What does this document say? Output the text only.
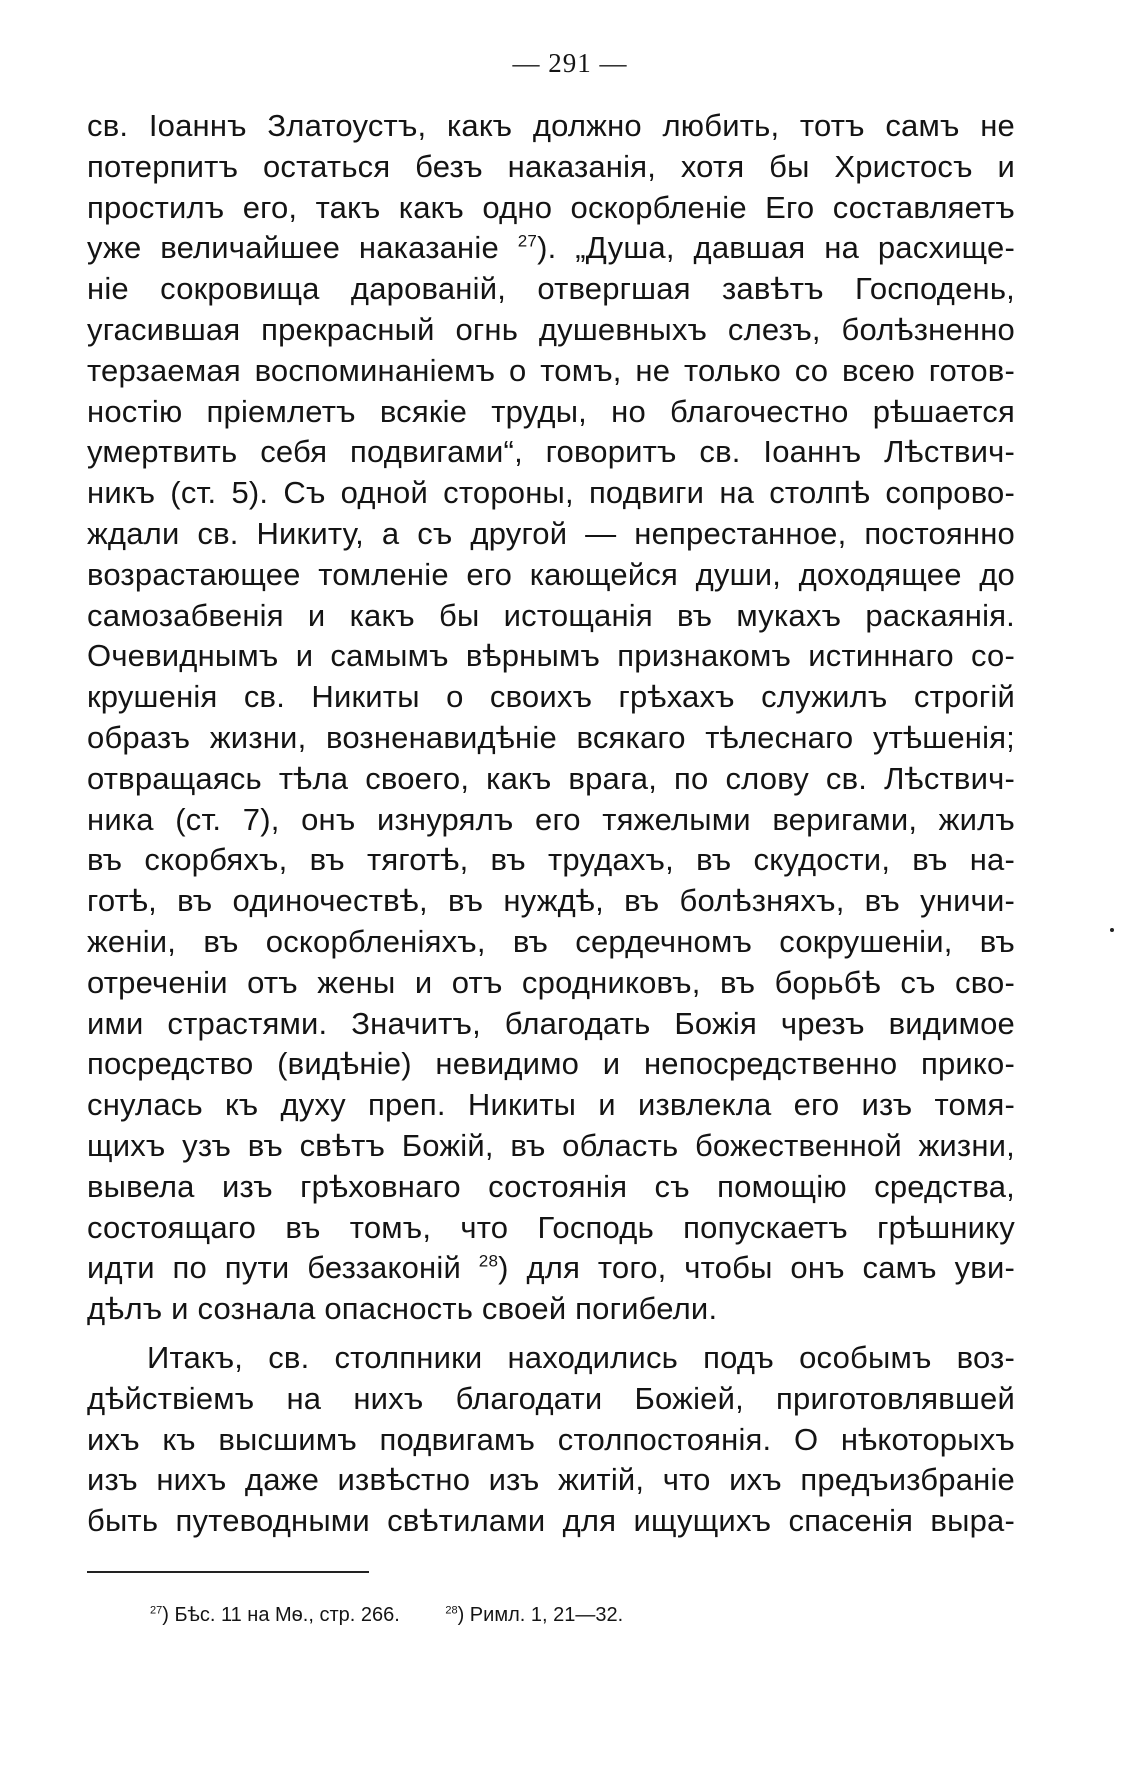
— 291 —
св. Іоаннъ Златоустъ, какъ должно любить, тотъ самъ не
потерпитъ остаться безъ наказанія, хотя бы Христосъ и
простилъ его, такъ какъ одно оскорбленіе Его составляетъ
уже величайшее наказаніе $^{27}$). „Душа, давшая на расхище-
ніе сокровища дарованій, отвергшая завѣтъ Господень,
угасившая прекрасный огнь душевныхъ слезъ, болѣзненно
терзаемая воспоминаніемъ о томъ, не только со всею готов-
ностію пріемлетъ всякіе труды, но благочестно рѣшается
умертвить себя подвигами“, говоритъ св. Іоаннъ Лѣствич-
никъ (ст. 5). Съ одной стороны, подвиги на столпѣ сопрово-
ждали св. Никиту, а съ другой — непрестанное, постоянно
возрастающее томленіе его кающейся души, доходящее до
самозабвенія и какъ бы истощанія въ мукахъ раскаянія.
Очевиднымъ и самымъ вѣрнымъ признакомъ истиннаго со-
крушенія св. Никиты о своихъ грѣхахъ служилъ строгій
образъ жизни, возненавидѣніе всякаго тѣлеснаго утѣшенія;
отвращаясь тѣла своего, какъ врага, по слову св. Лѣствич-
ника (ст. 7), онъ изнурялъ его тяжелыми веригами, жилъ
въ скорбяхъ, въ тяготѣ, въ трудахъ, въ скудости, въ на-
готѣ, въ одиночествѣ, въ нуждѣ, въ болѣзняхъ, въ уничи-
женіи, въ оскорбленіяхъ, въ сердечномъ сокрушеніи, въ
отреченіи отъ жены и отъ сродниковъ, въ борьбѣ съ сво-
ими страстями. Значитъ, благодать Божія чрезъ видимое
посредство (видѣніе) невидимо и непосредственно прико-
снулась къ духу преп. Никиты и извлекла его изъ томя-
щихъ узъ въ свѣтъ Божій, въ область божественной жизни,
вывела изъ грѣховнаго состоянія съ помощію средства,
состоящаго въ томъ, что Господь попускаетъ грѣшнику
идти по пути беззаконій $^{28}$) для того, чтобы онъ самъ уви-
дѣлъ и сознала опасность своей погибели.
Итакъ, св. столпники находились подъ особымъ воз-
дѣйствіемъ на нихъ благодати Божіей, приготовлявшей
ихъ къ высшимъ подвигамъ столпостоянія. О нѣкоторыхъ
изъ нихъ даже извѣстно изъ житій, что ихъ предъизбраніе
быть путеводными свѣтилами для ищущихъ спасенія выра-
$^{27}$) Бѣс. 11 на Мѳ., стр. 266.	$^{28}$) Римл. 1, 21—32.
